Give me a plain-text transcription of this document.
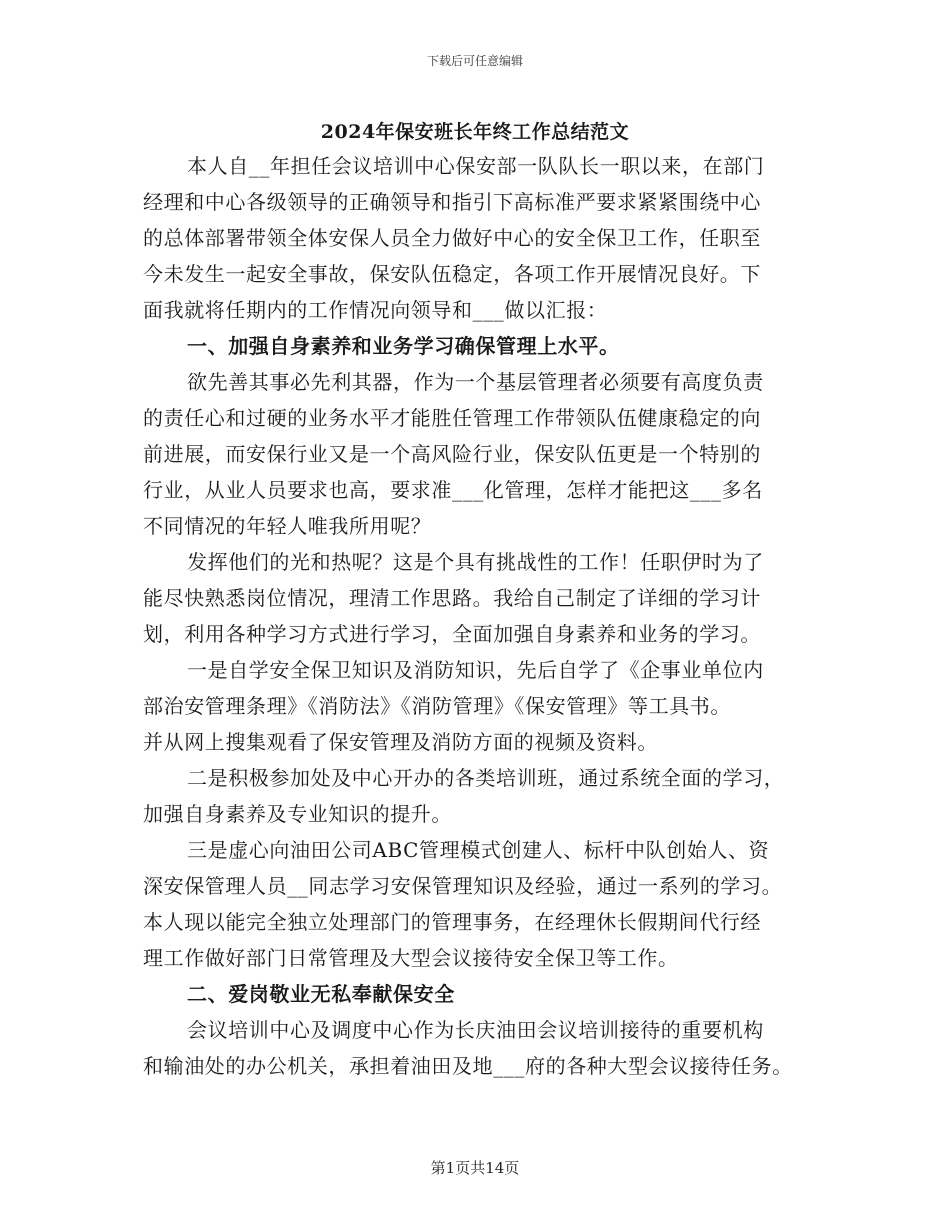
下载后可任意编辑
2024年保安班长年终工作总结范文
本人自__年担任会议培训中心保安部一队队长一职以来，在部门
经理和中心各级领导的正确领导和指引下高标准严要求紧紧围绕中心
的总体部署带领全体安保人员全力做好中心的安全保卫工作，任职至
今未发生一起安全事故，保安队伍稳定，各项工作开展情况良好。下
面我就将任期内的工作情况向领导和___做以汇报：
一、加强自身素养和业务学习确保管理上水平。
欲先善其事必先利其器，作为一个基层管理者必须要有高度负责
的责任心和过硬的业务水平才能胜任管理工作带领队伍健康稳定的向
前进展，而安保行业又是一个高风险行业，保安队伍更是一个特别的
行业，从业人员要求也高，要求准___化管理，怎样才能把这___多名
不同情况的年轻人唯我所用呢？
发挥他们的光和热呢？这是个具有挑战性的工作！任职伊时为了
能尽快熟悉岗位情况，理清工作思路。我给自己制定了详细的学习计
划，利用各种学习方式进行学习，全面加强自身素养和业务的学习。
一是自学安全保卫知识及消防知识，先后自学了《企事业单位内
部治安管理条理》《消防法》《消防管理》《保安管理》等工具书。
并从网上搜集观看了保安管理及消防方面的视频及资料。
二是积极参加处及中心开办的各类培训班，通过系统全面的学习，
加强自身素养及专业知识的提升。
三是虚心向油田公司ABC管理模式创建人、标杆中队创始人、资
深安保管理人员__同志学习安保管理知识及经验，通过一系列的学习。
本人现以能完全独立处理部门的管理事务，在经理休长假期间代行经
理工作做好部门日常管理及大型会议接待安全保卫等工作。
二、爱岗敬业无私奉献保安全
会议培训中心及调度中心作为长庆油田会议培训接待的重要机构
和输油处的办公机关，承担着油田及地___府的各种大型会议接待任务。
第1页共14页
